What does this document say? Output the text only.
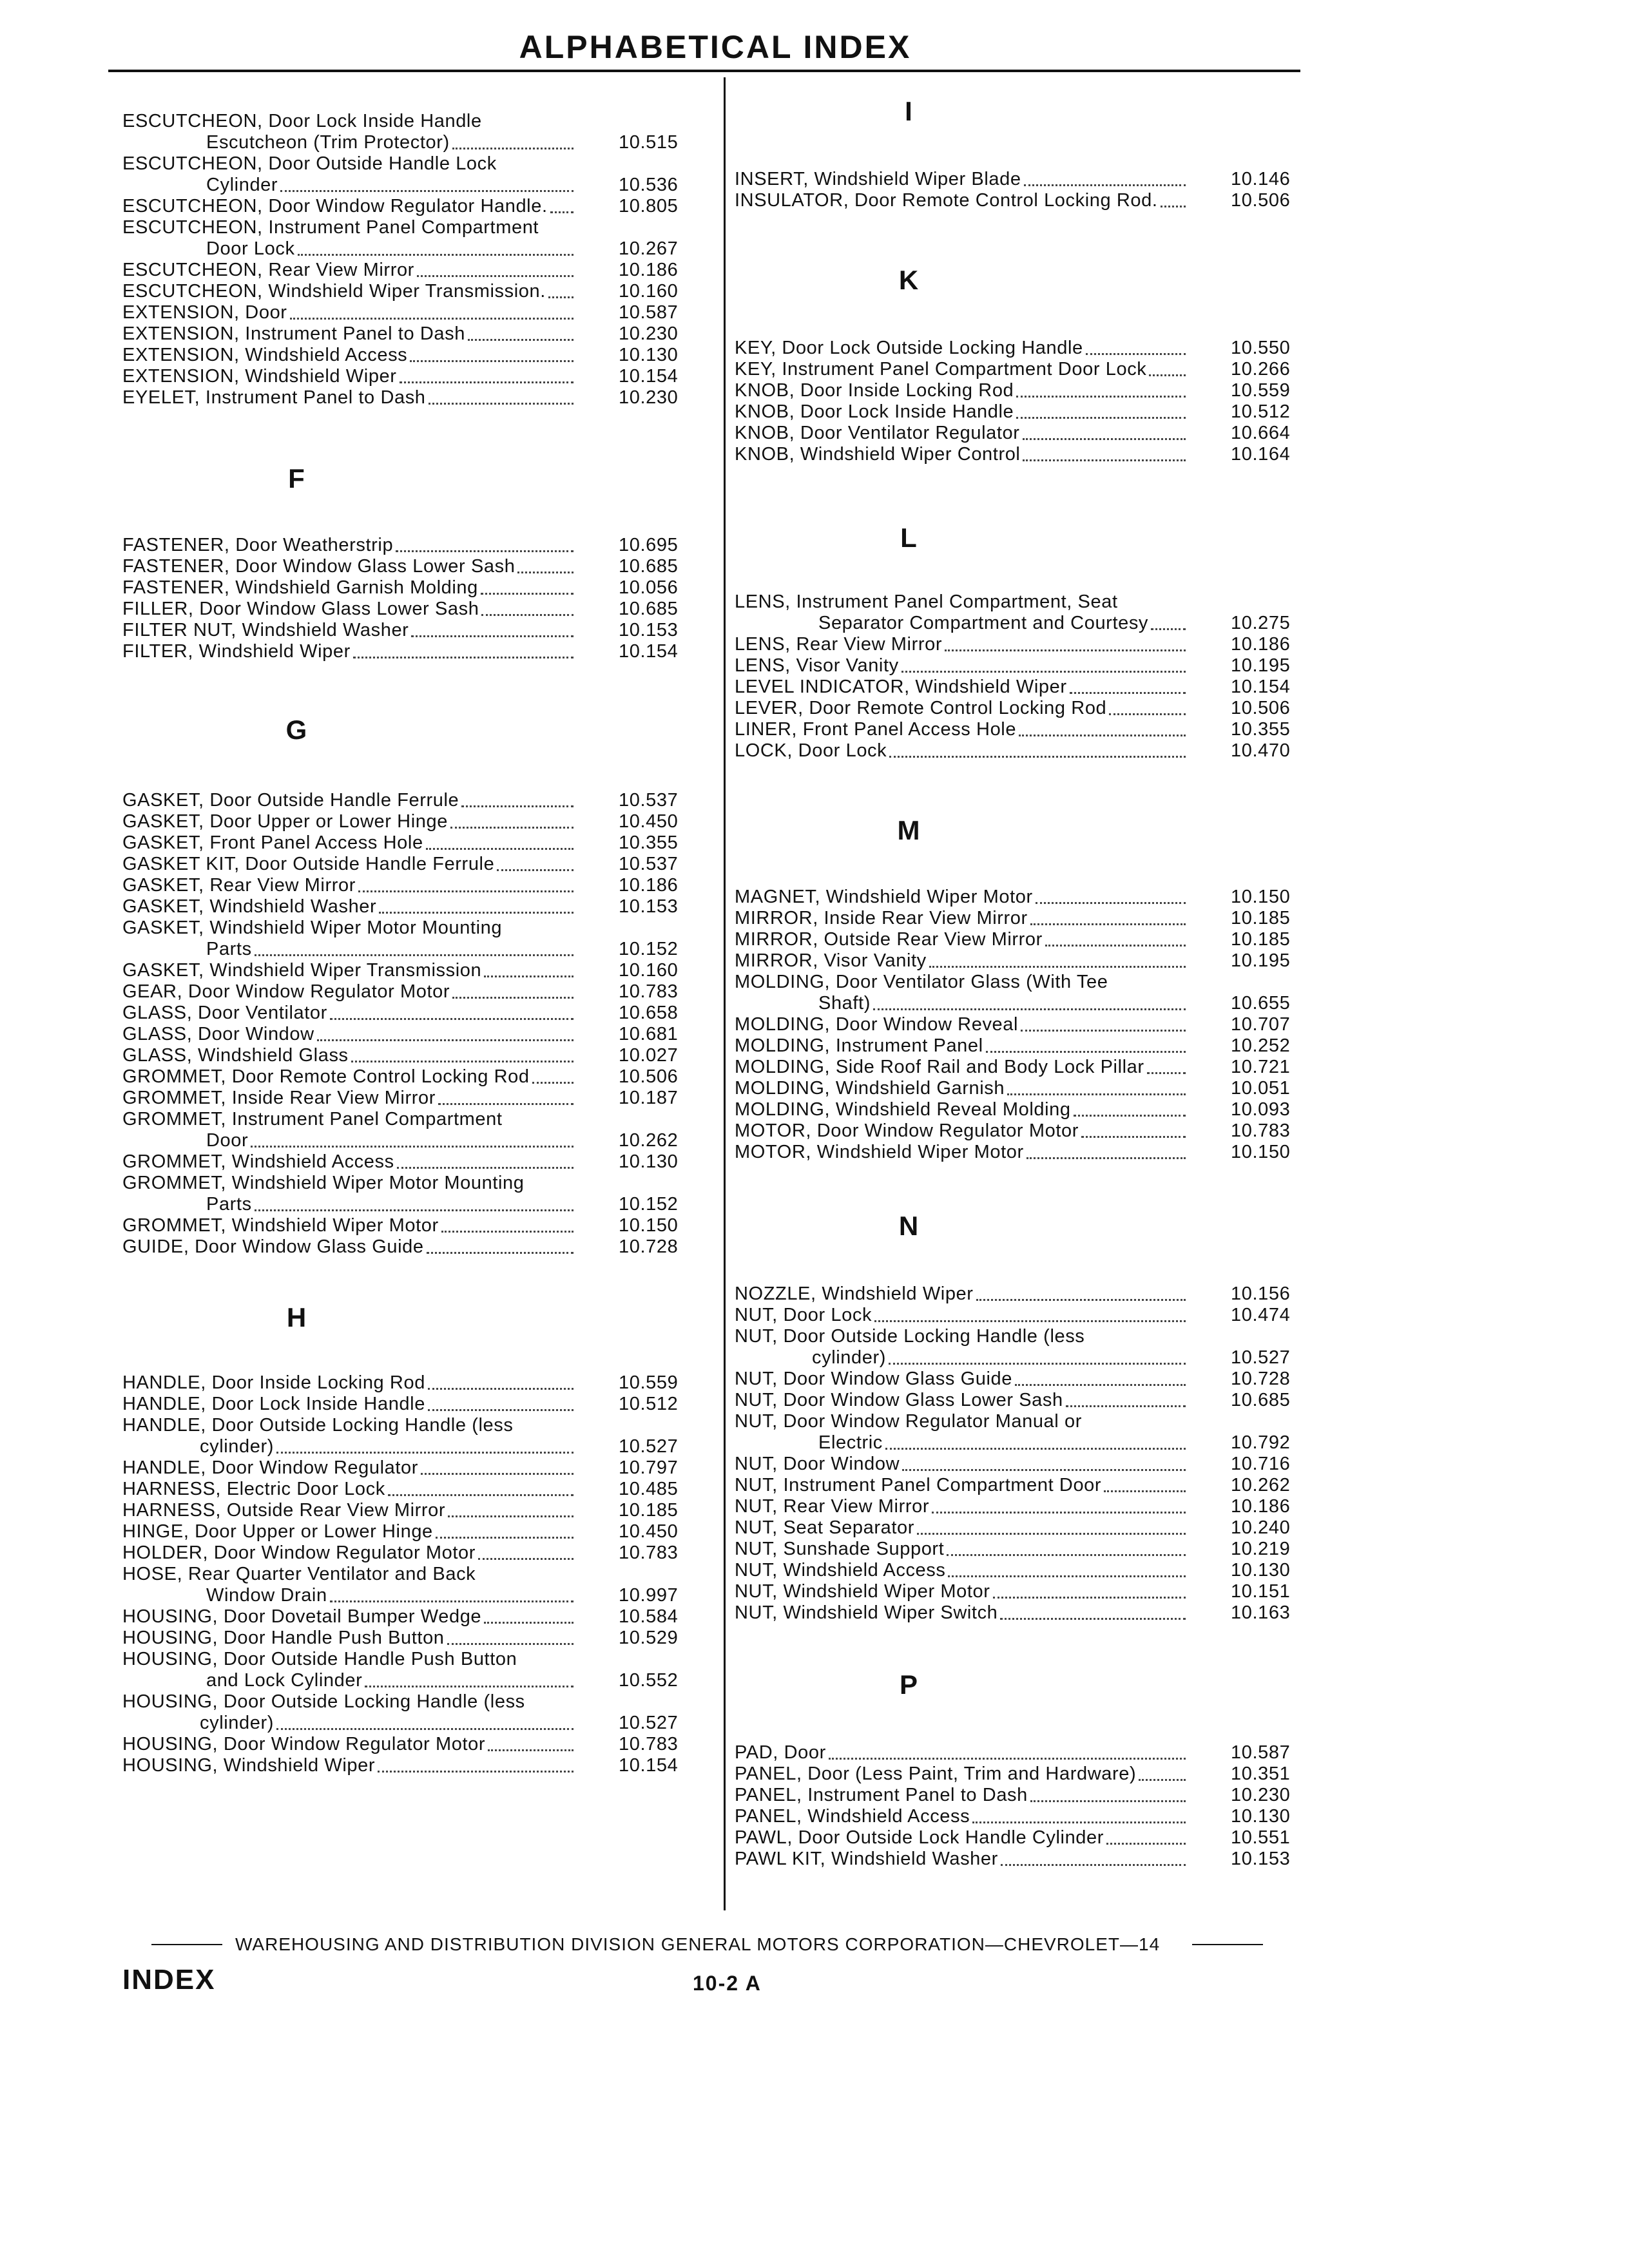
ALPHABETICAL INDEX
ESCUTCHEON, Door Lock Inside Handle
Escutcheon (Trim Protector)	10.515
ESCUTCHEON, Door Outside Handle Lock
Cylinder	10.536
ESCUTCHEON, Door Window Regulator Handle.	10.805
ESCUTCHEON, Instrument Panel Compartment
Door Lock	10.267
ESCUTCHEON, Rear View Mirror	10.186
ESCUTCHEON, Windshield Wiper Transmission.	10.160
EXTENSION, Door	10.587
EXTENSION, Instrument Panel to Dash	10.230
EXTENSION, Windshield Access	10.130
EXTENSION, Windshield Wiper	10.154
EYELET, Instrument Panel to Dash	10.230
F
FASTENER, Door Weatherstrip	10.695
FASTENER, Door Window Glass Lower Sash	10.685
FASTENER, Windshield Garnish Molding	10.056
FILLER, Door Window Glass Lower Sash	10.685
FILTER NUT, Windshield Washer	10.153
FILTER, Windshield Wiper	10.154
G
GASKET, Door Outside Handle Ferrule	10.537
GASKET, Door Upper or Lower Hinge	10.450
GASKET, Front Panel Access Hole	10.355
GASKET KIT, Door Outside Handle Ferrule	10.537
GASKET, Rear View Mirror	10.186
GASKET, Windshield Washer	10.153
GASKET, Windshield Wiper Motor Mounting
Parts	10.152
GASKET, Windshield Wiper Transmission	10.160
GEAR, Door Window Regulator Motor	10.783
GLASS, Door Ventilator	10.658
GLASS, Door Window	10.681
GLASS, Windshield Glass	10.027
GROMMET, Door Remote Control Locking Rod	10.506
GROMMET, Inside Rear View Mirror	10.187
GROMMET, Instrument Panel Compartment
Door	10.262
GROMMET, Windshield Access	10.130
GROMMET, Windshield Wiper Motor Mounting
Parts	10.152
GROMMET, Windshield Wiper Motor	10.150
GUIDE, Door Window Glass Guide	10.728
H
HANDLE, Door Inside Locking Rod	10.559
HANDLE, Door Lock Inside Handle	10.512
HANDLE, Door Outside Locking Handle (less
cylinder)	10.527
HANDLE, Door Window Regulator	10.797
HARNESS, Electric Door Lock	10.485
HARNESS, Outside Rear View Mirror	10.185
HINGE, Door Upper or Lower Hinge	10.450
HOLDER, Door Window Regulator Motor	10.783
HOSE, Rear Quarter Ventilator and Back
Window Drain	10.997
HOUSING, Door Dovetail Bumper Wedge	10.584
HOUSING, Door Handle Push Button	10.529
HOUSING, Door Outside Handle Push Button
and Lock Cylinder	10.552
HOUSING, Door Outside Locking Handle (less
cylinder)	10.527
HOUSING, Door Window Regulator Motor	10.783
HOUSING, Windshield Wiper	10.154
I
INSERT, Windshield Wiper Blade	10.146
INSULATOR, Door Remote Control Locking Rod.	10.506
K
KEY, Door Lock Outside Locking Handle	10.550
KEY, Instrument Panel Compartment Door Lock	10.266
KNOB, Door Inside Locking Rod	10.559
KNOB, Door Lock Inside Handle	10.512
KNOB, Door Ventilator Regulator	10.664
KNOB, Windshield Wiper Control	10.164
L
LENS, Instrument Panel Compartment, Seat
Separator Compartment and Courtesy	10.275
LENS, Rear View Mirror	10.186
LENS, Visor Vanity	10.195
LEVEL INDICATOR, Windshield Wiper	10.154
LEVER, Door Remote Control Locking Rod	10.506
LINER, Front Panel Access Hole	10.355
LOCK, Door Lock	10.470
M
MAGNET, Windshield Wiper Motor	10.150
MIRROR, Inside Rear View Mirror	10.185
MIRROR, Outside Rear View Mirror	10.185
MIRROR, Visor Vanity	10.195
MOLDING, Door Ventilator Glass (With Tee
Shaft)	10.655
MOLDING, Door Window Reveal	10.707
MOLDING, Instrument Panel	10.252
MOLDING, Side Roof Rail and Body Lock Pillar	10.721
MOLDING, Windshield Garnish	10.051
MOLDING, Windshield Reveal Molding	10.093
MOTOR, Door Window Regulator Motor	10.783
MOTOR, Windshield Wiper Motor	10.150
N
NOZZLE, Windshield Wiper	10.156
NUT, Door Lock	10.474
NUT, Door Outside Locking Handle (less
cylinder)	10.527
NUT, Door Window Glass Guide	10.728
NUT, Door Window Glass Lower Sash	10.685
NUT, Door Window Regulator Manual or
Electric	10.792
NUT, Door Window	10.716
NUT, Instrument Panel Compartment Door	10.262
NUT, Rear View Mirror	10.186
NUT, Seat Separator	10.240
NUT, Sunshade Support	10.219
NUT, Windshield Access	10.130
NUT, Windshield Wiper Motor	10.151
NUT, Windshield Wiper Switch	10.163
P
PAD, Door	10.587
PANEL, Door (Less Paint, Trim and Hardware)	10.351
PANEL, Instrument Panel to Dash	10.230
PANEL, Windshield Access	10.130
PAWL, Door Outside Lock Handle Cylinder	10.551
PAWL KIT, Windshield Washer	10.153
WAREHOUSING AND DISTRIBUTION DIVISION GENERAL MOTORS CORPORATION—CHEVROLET—14
INDEX	10-2 A
